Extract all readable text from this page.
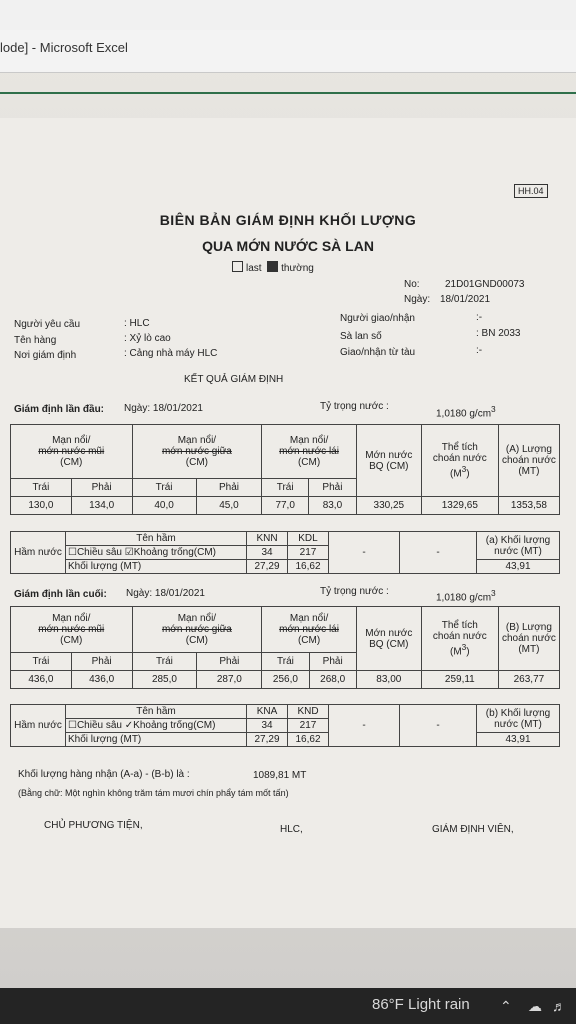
lode] - Microsoft Excel
HH.04
BIÊN BẢN GIÁM ĐỊNH KHỐI LƯỢNG
QUA MỚN NƯỚC SÀ LAN
last thường
No:	21D01GND00073
Ngày: 18/01/2021
Người yêu cầu	: HLC
Tên hàng	: Xỷ lò cao
Nơi giám định	: Cảng nhà máy HLC
Người giao/nhận	:-
Sà lan số	: BN 2033
Giao/nhận từ tàu	:-
KẾT QUẢ GIÁM ĐỊNH
Giám định lần đầu: Ngày: 18/01/2021	Tỷ trọng nước :
1,0180 $g/cm^3$
Mạn nổi/
mớn nước mũi
(CM)		Mạn nổi/
mớn nước giữa
(CM)		Mạn nổi/
mớn nước lái
(CM)		Mớn nước BQ (CM)	Thể tích
choán nước
$(M^3)$	(A) Lượng
choán nước
(MT)
Trái	Phải	Trái	Phải	Trái	Phải			
130,0	134,0	40,0	45,0	77,0	83,0	330,25	1329,65	1353,58
Hầm nước	Tên hầm	KNN	KDL	-	-	(a) Khối lượng nước (MT)
	☐Chiều sâu ☑Khoảng trống(CM)	34	217			
	Khối lượng (MT)	27,29	16,62			43,91
Giám định lần cuối: Ngày: 18/01/2021	Tỷ trọng nước :
1,0180 $g/cm^3$
Mạn nổi/
mớn nước mũi
(CM)		Mạn nổi/
mớn nước giữa
(CM)		Mạn nổi/
mớn nước lái
(CM)		Mớn nước BQ (CM)	Thể tích
choán nước
$(M^3)$	(B) Lượng
choán nước
(MT)
Trái	Phải	Trái	Phải	Trái	Phải			
436,0	436,0	285,0	287,0	256,0	268,0	83,00	259,11	263,77
Hầm nước	Tên hầm	KNA	KND	-	-	(b) Khối lượng nước (MT)
	☐Chiều sâu ✓Khoảng trống(CM)	34	217			
	Khối lượng (MT)	27,29	16,62			43,91
Khối lượng hàng nhận (A-a) - (B-b) là :	1089,81 MT
(Bằng chữ: Một nghìn không trăm tám mươi chín phẩy tám mốt tấn)
CHỦ PHƯƠNG TIỆN,	HLC,	GIÁM ĐỊNH VIÊN,
86°F Light rain ⌃ ☁ ♬
